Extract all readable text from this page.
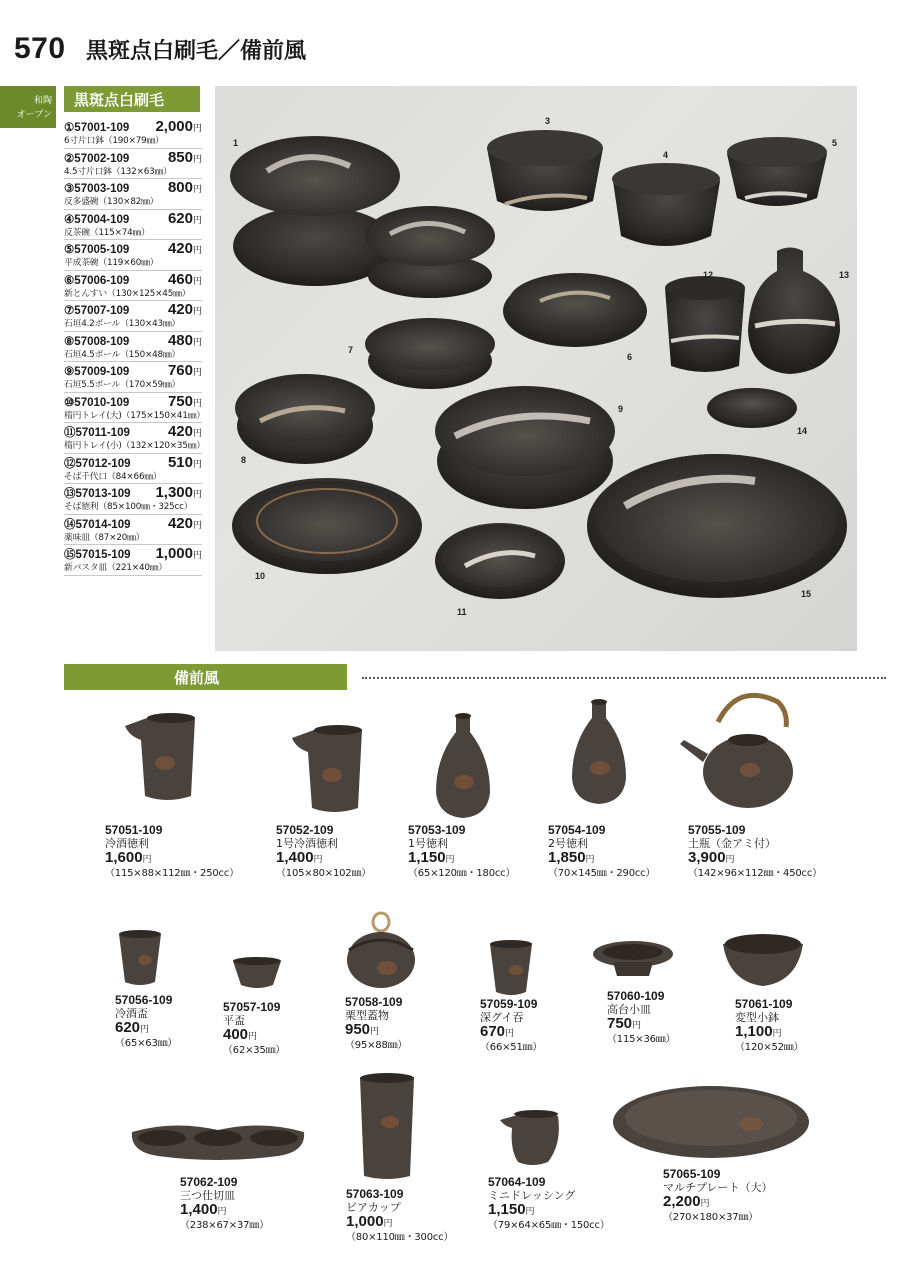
570 黒斑点白刷毛／備前風
和陶
オープン
黒斑点白刷毛
①57001-109 2,000円
6寸片口鉢（190×79㎜）
②57002-109	850円
4.5寸片口鉢（132×63㎜）
③57003-109	800円
反多盛碗（130×82㎜）
④57004-109	620円
反茶碗（115×74㎜）
⑤57005-109	420円
平成茶碗（119×60㎜）
⑥57006-109	460円
新とんすい（130×125×45㎜）
⑦57007-109	420円
石垣4.2ボール（130×43㎜）
⑧57008-109	480円
石垣4.5ボール（150×48㎜）
⑨57009-109	760円
石垣5.5ボール（170×59㎜）
⑩57010-109	750円
楕円トレイ(大)（175×150×41㎜）
⑪57011-109	420円
楕円トレイ(小)（132×120×35㎜）
⑫57012-109 510円
そば千代口（84×66㎜）
⑬57013-109 1,300円
そば徳利（85×100㎜・325cc）
⑭57014-109 420円
薬味皿（87×20㎜）
⑮57015-109 1,000円
新パスタ皿（221×40㎜）
1
2
3
4
5
6
7
8
9
10
11
12	13
14
15
備前風
57051-109
冷酒徳利
1,600円
（115×88×112㎜・250cc）
57052-109
1号冷酒徳利
1,400円
（105×80×102㎜）
57053-109
1号徳利
1,150円
（65×120㎜・180cc）
57054-109
2号徳利
1,850円
（70×145㎜・290cc）
57055-109
土瓶（金アミ付）
3,900円
（142×96×112㎜・450cc）
57056-109
冷酒盃
620円
（65×63㎜）
57057-109
平盃
400円
（62×35㎜）
57058-109
栗型蓋物
950円
（95×88㎜）
57059-109
深グイ吞
670円
（66×51㎜）
57060-109
高台小皿
750円
（115×36㎜）
57061-109
変型小鉢
1,100円
（120×52㎜）
57062-109
三つ仕切皿
1,400円
（238×67×37㎜）
57063-109
ビアカップ
1,000円
（80×110㎜・300cc）
57064-109
ミニドレッシング
1,150円
（79×64×65㎜・150cc）
57065-109
マルチプレート（大）
2,200円
（270×180×37㎜）
